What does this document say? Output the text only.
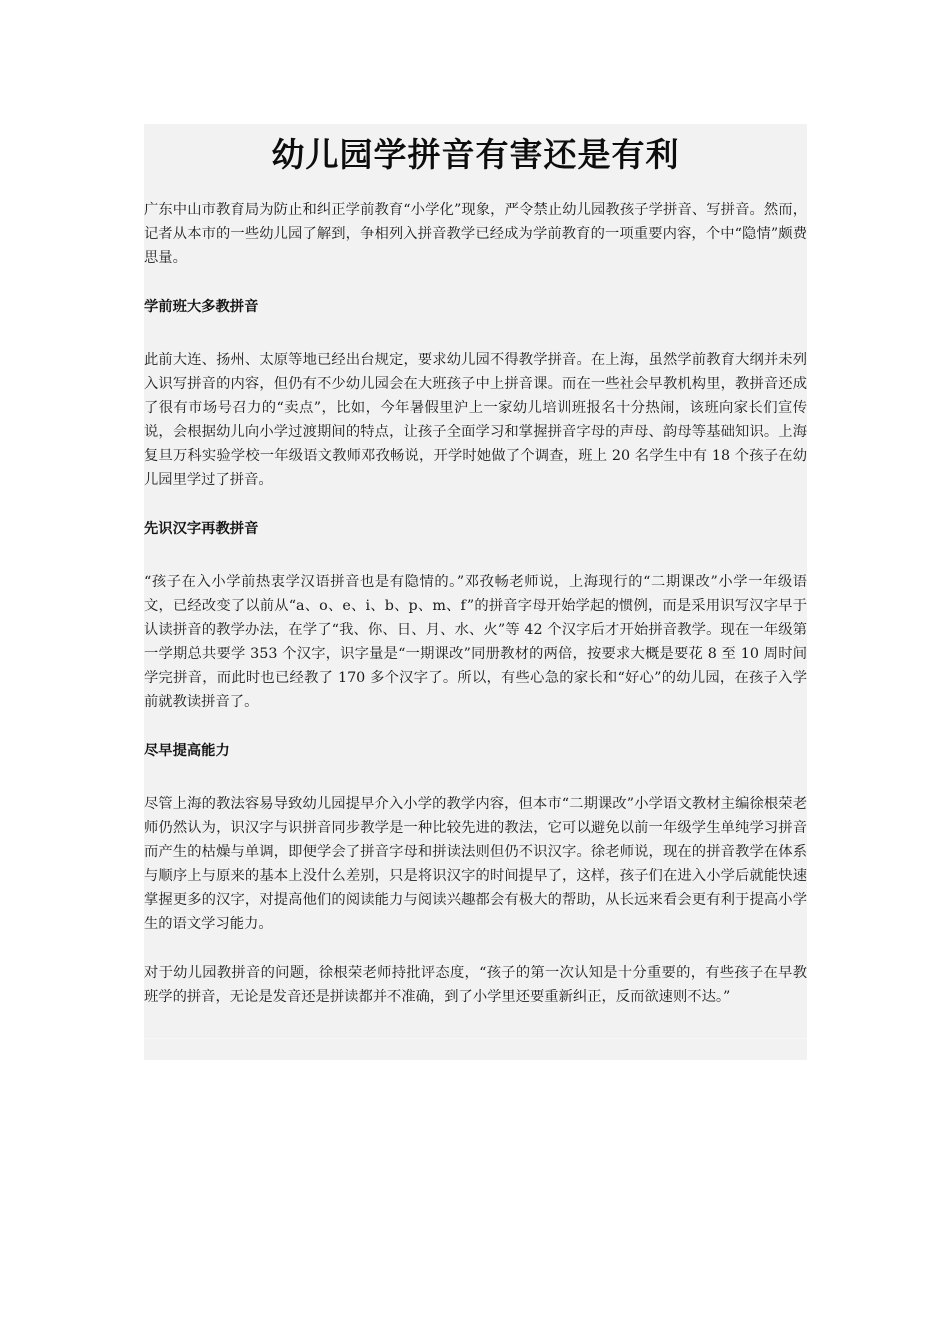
幼儿园学拼音有害还是有利

广东中山市教育局为防止和纠正学前教育“小学化”现象，严令禁止幼儿园教孩子学拼音、写拼音。然而，记者从本市的一些幼儿园了解到，争相列入拼音教学已经成为学前教育的一项重要内容，个中“隐情”颇费思量。

学前班大多教拼音

此前大连、扬州、太原等地已经出台规定，要求幼儿园不得教学拼音。在上海，虽然学前教育大纲并未列入识写拼音的内容，但仍有不少幼儿园会在大班孩子中上拼音课。而在一些社会早教机构里，教拼音还成了很有市场号召力的“卖点”，比如，今年暑假里沪上一家幼儿培训班报名十分热闹，该班向家长们宣传说，会根据幼儿向小学过渡期间的特点，让孩子全面学习和掌握拼音字母的声母、韵母等基础知识。上海复旦万科实验学校一年级语文教师邓孜畅说，开学时她做了个调查，班上 20 名学生中有 18 个孩子在幼儿园里学过了拼音。

先识汉字再教拼音

“孩子在入小学前热衷学汉语拼音也是有隐情的。”邓孜畅老师说，上海现行的“二期课改”小学一年级语文，已经改变了以前从“a、o、e、i、b、p、m、f”的拼音字母开始学起的惯例，而是采用识写汉字早于认读拼音的教学办法，在学了“我、你、日、月、水、火”等 42 个汉字后才开始拼音教学。现在一年级第一学期总共要学 353 个汉字，识字量是“一期课改”同册教材的两倍，按要求大概是要花 8 至 10 周时间学完拼音，而此时也已经教了 170 多个汉字了。所以，有些心急的家长和“好心”的幼儿园，在孩子入学前就教读拼音了。

尽早提高能力

尽管上海的教法容易导致幼儿园提早介入小学的教学内容，但本市“二期课改”小学语文教材主编徐根荣老师仍然认为，识汉字与识拼音同步教学是一种比较先进的教法，它可以避免以前一年级学生单纯学习拼音而产生的枯燥与单调，即便学会了拼音字母和拼读法则但仍不识汉字。徐老师说，现在的拼音教学在体系与顺序上与原来的基本上没什么差别，只是将识汉字的时间提早了，这样，孩子们在进入小学后就能快速掌握更多的汉字，对提高他们的阅读能力与阅读兴趣都会有极大的帮助，从长远来看会更有利于提高小学生的语文学习能力。

对于幼儿园教拼音的问题，徐根荣老师持批评态度，“孩子的第一次认知是十分重要的，有些孩子在早教班学的拼音，无论是发音还是拼读都并不准确，到了小学里还要重新纠正，反而欲速则不达。”
